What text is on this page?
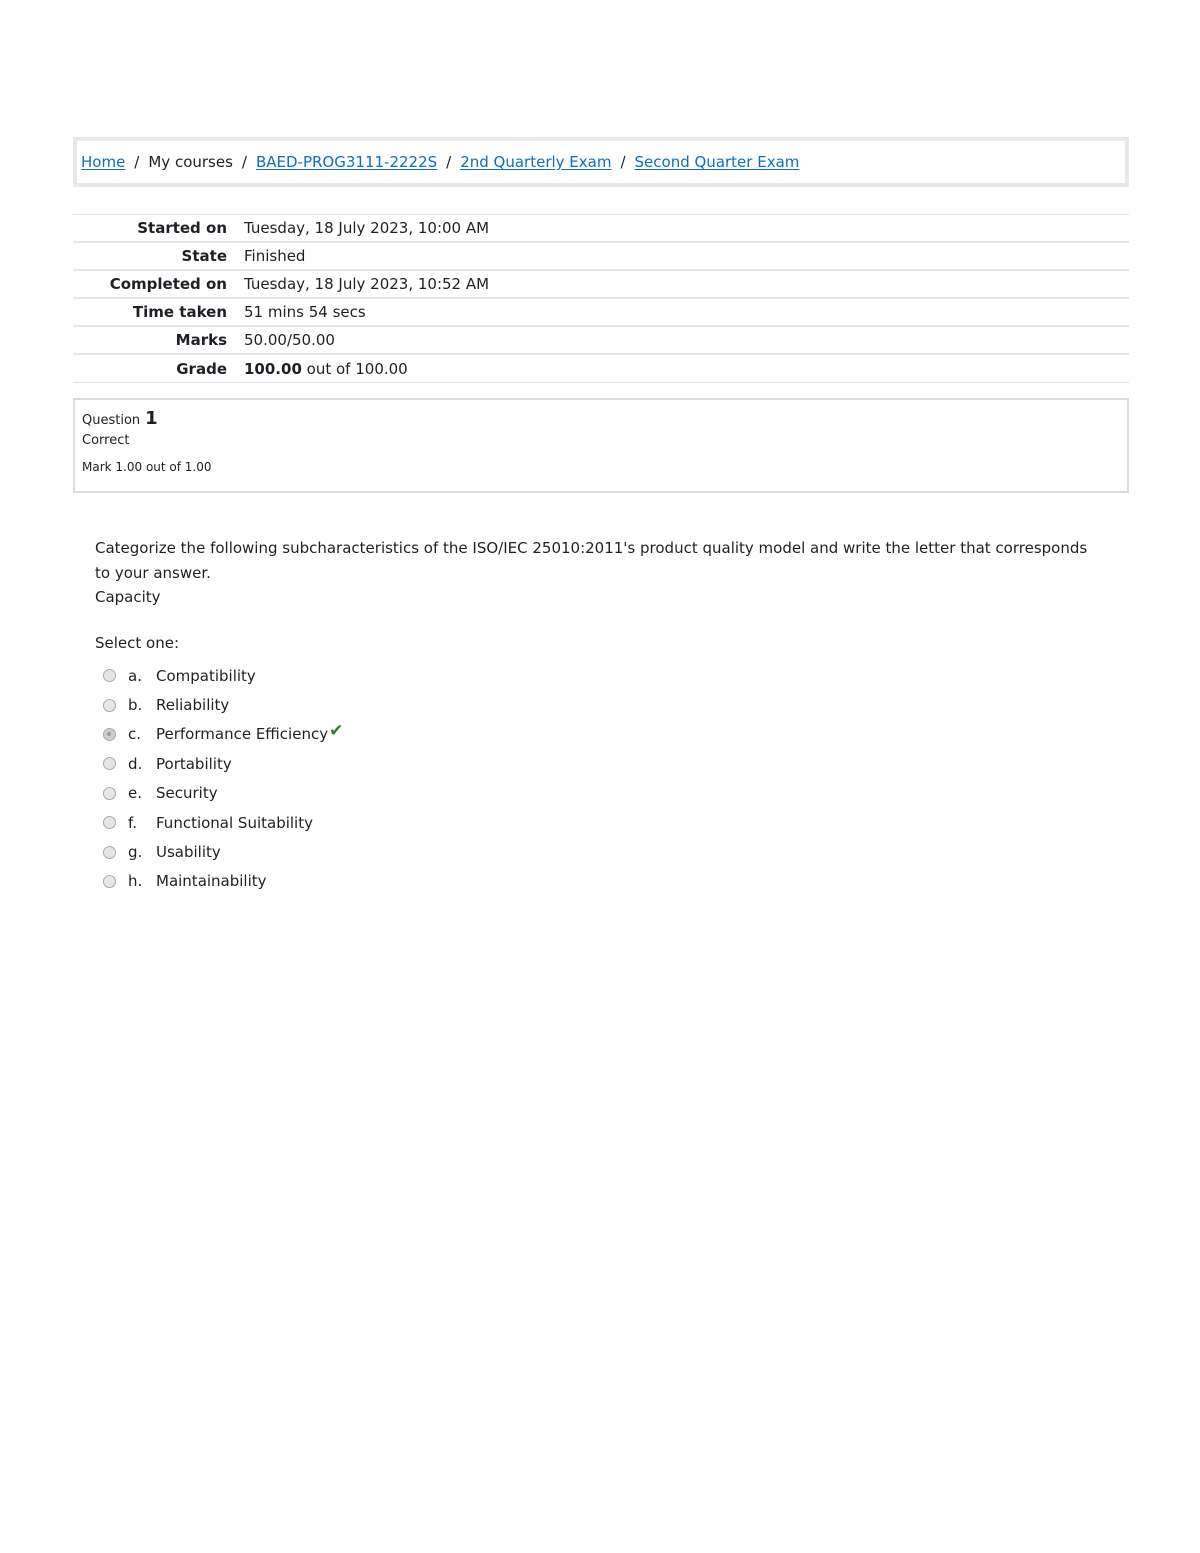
Home / My courses / BAED-PROG3111-2222S / 2nd Quarterly Exam / Second Quarter Exam
Started on	Tuesday, 18 July 2023, 10:00 AM
State	Finished
Completed on	Tuesday, 18 July 2023, 10:52 AM
Time taken	51 mins 54 secs
Marks	50.00/50.00
Grade	100.00 out of 100.00
Question 1
Correct
Mark 1.00 out of 1.00

Categorize the following subcharacteristics of the ISO/IEC 25010:2011's product quality model and write the letter that corresponds to your answer.

Capacity

Select one:
a. Compatibility
b. Reliability
c. Performance Efficiency ✔
d. Portability
e. Security
f.	Functional Suitability
g. Usability
h. Maintainability
